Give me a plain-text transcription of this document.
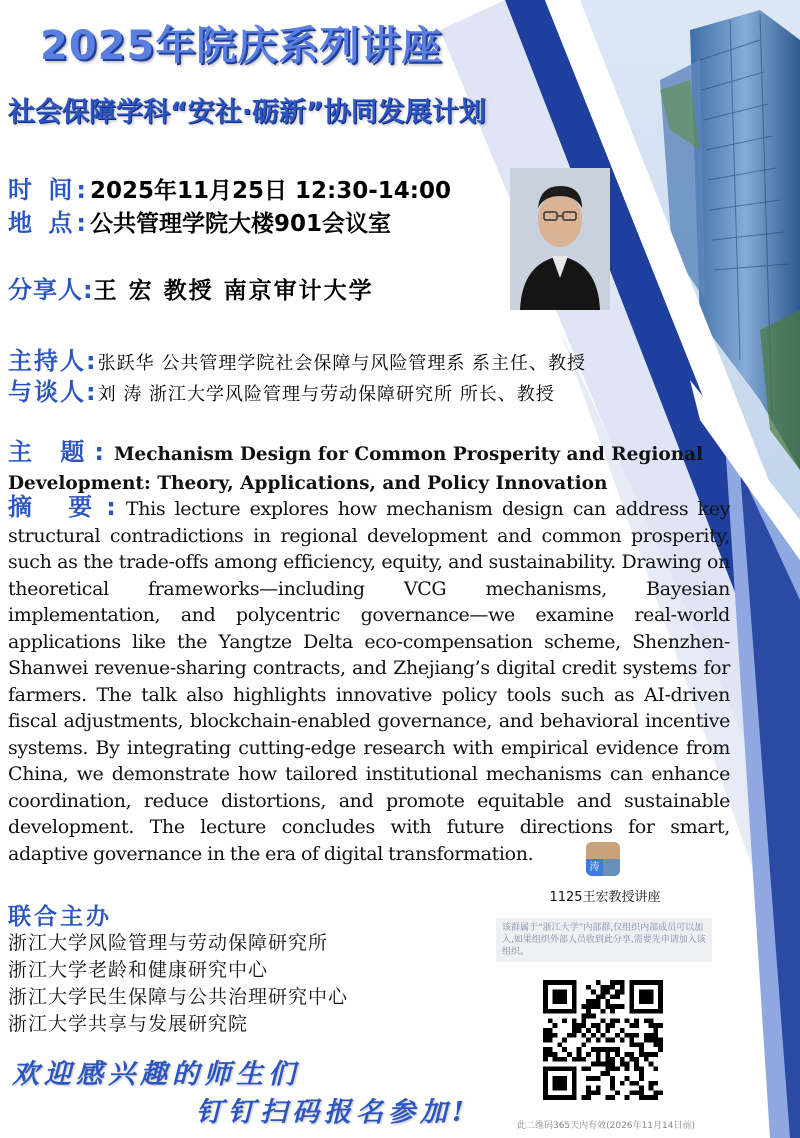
2025年院庆系列讲座
社会保障学科“安社·砺新”协同发展计划
时 间:2025年11月25日 12:30-14:00
地 点:公共管理学院大楼901会议室
分享人:王 宏 教授 南京审计大学
主持人:张跃华 公共管理学院社会保障与风险管理系 系主任、教授
与谈人:刘 涛 浙江大学风险管理与劳动保障研究所 所长、教授
主 题:Mechanism Design for Common Prosperity and Regional Development: Theory, Applications, and Policy Innovation
摘 要:This lecture explores how mechanism design can address key structural contradictions in regional development and common prosperity, such as the trade-offs among efficiency, equity, and sustainability. Drawing on theoretical frameworks—including VCG mechanisms, Bayesian implementation, and polycentric governance—we examine real-world applications like the Yangtze Delta eco-compensation scheme, Shenzhen-Shanwei revenue-sharing contracts, and Zhejiang’s digital credit systems for farmers. The talk also highlights innovative policy tools such as AI-driven fiscal adjustments, blockchain-enabled governance, and behavioral incentive systems. By integrating cutting-edge research with empirical evidence from China, we demonstrate how tailored institutional mechanisms can enhance coordination, reduce distortions, and promote equitable and sustainable development. The lecture concludes with future directions for smart, adaptive governance in the era of digital transformation.
联合主办
浙江大学风险管理与劳动保障研究所
浙江大学老龄和健康研究中心
浙江大学民生保障与公共治理研究中心
浙江大学共享与发展研究院
欢迎感兴趣的师生们
钉钉扫码报名参加!
涛
1125王宏教授讲座
该群属于“浙江大学”内部群,仅组织内部成员可以加入,如果组织外部人员收到此分享,需要先申请加入该组织。
此二维码365天内有效(2026年11月14日前)
